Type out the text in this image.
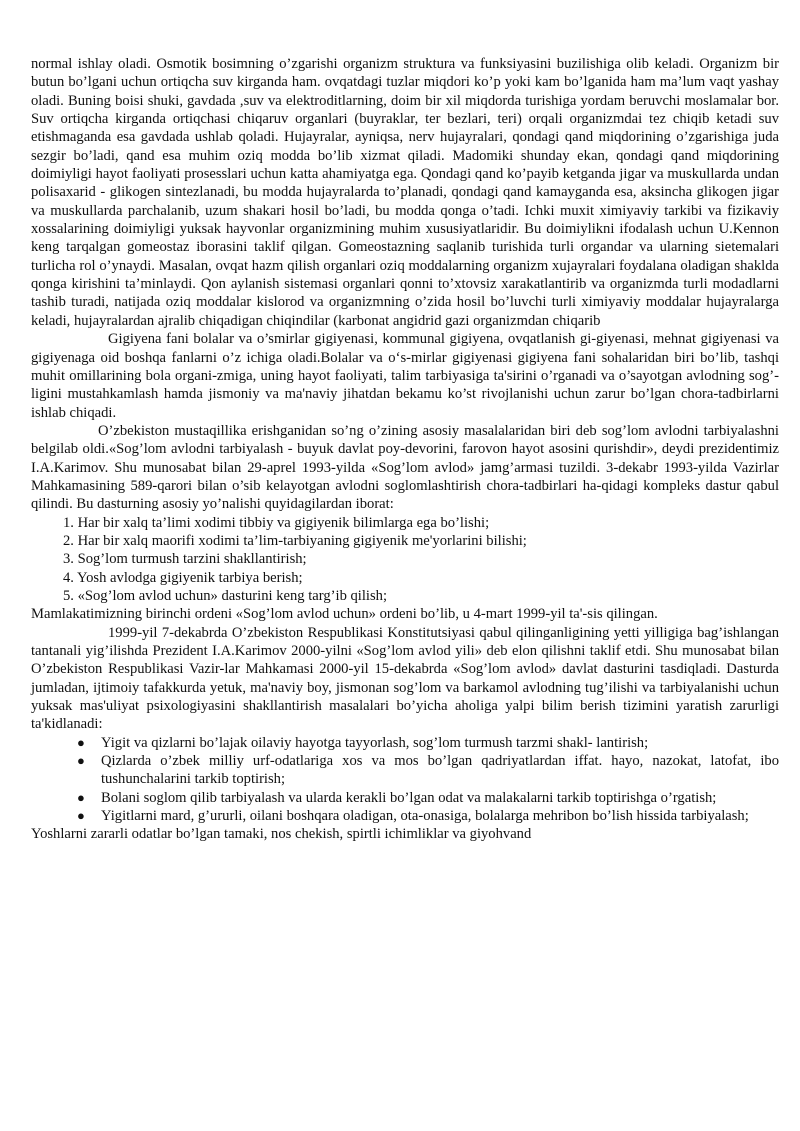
normal ishlay oladi. Osmotik bosimning o’zgarishi organizm struktura va funksiyasini buzilishiga olib keladi. Organizm bir butun bo’lgani uchun ortiqcha suv kirganda ham. ovqatdagi tuzlar miqdori ko’p yoki kam bo’lganida ham ma’lum vaqt yashay oladi. Buning boisi shuki, gavdada ,suv va elektroditlarning, doim bir xil miqdorda turishiga yordam beruvchi moslamalar bor. Suv ortiqcha kirganda ortiqchasi chiqaruv organlari (buyraklar, ter bezlari, teri) orqali organizmdai tez chiqib ketadi suv etishmaganda esa gavdada ushlab qoladi. Hujayralar, ayniqsa, nerv hujayralari, qondagi qand miqdorining o’zgarishiga juda sezgir bo’ladi, qand esa muhim oziq modda bo’lib xizmat qiladi. Madomiki shunday ekan, qondagi qand miqdorining doimiyligi hayot faoliyati prosesslari uchun katta ahamiyatga ega. Qondagi qand ko’payib ketganda jigar va muskullarda undan polisaxarid - glikogen sintezlanadi, bu modda hujayralarda to’planadi, qondagi qand kamayganda esa, aksincha glikogen jigar va muskullarda parchalanib, uzum shakari hosil bo’ladi, bu modda qonga o’tadi. Ichki muxit ximiyaviy tarkibi va fizikaviy xossalarining doimiyligi yuksak hayvonlar organizmining muhim xususiyatlaridir. Bu doimiylikni ifodalash uchun U.Kennon keng tarqalgan gomeostaz iborasini taklif qilgan. Gomeostazning saqlanib turishida turli organdar va ularning sietemalari turlicha rol o’ynaydi. Masalan, ovqat hazm qilish organlari oziq moddalarning organizm xujayralari foydalana oladigan shaklda qonga kirishini ta’minlaydi. Qon aylanish sistemasi organlari qonni to’xtovsiz xarakatlantirib va organizmda turli modadlarni tashib turadi, natijada oziq moddalar kislorod va organizmning o’zida hosil bo’luvchi turli ximiyaviy moddalar hujayralarga keladi, hujayralardan ajralib chiqadigan chiqindilar (karbonat angidrid gazi organizmdan chiqarib

Gigiyena fani bolalar va o’smirlar gigiyenasi, kommunal gigiyena, ovqatlanish gi-giyenasi, mehnat gigiyenasi va gigiyenaga oid boshqa fanlarni o’z ichiga oladi.Bolalar va o‘s-mirlar gigiyenasi gigiyena fani sohalaridan biri bo’lib, tashqi muhit omillarining bola organi-zmiga, uning hayot faoliyati, talim tarbiyasiga ta'sirini o’rganadi va o’sayotgan avlodning sog’-ligini mustahkamlash hamda jismoniy va ma'naviy jihatdan bekamu ko’st rivojlanishi uchun zarur bo’lgan chora-tadbirlarni ishlab chiqadi.

O’zbekiston mustaqillika erishganidan so’ng o’zining asosiy masalalaridan biri deb sog’lom avlodni tarbiyalashni belgilab oldi.«Sog’lom avlodni tarbiyalash - buyuk davlat poy-devorini, farovon hayot asosini qurishdir», deydi prezidentimiz I.A.Karimov. Shu munosabat bilan 29-aprel 1993-yilda «Sog’lom avlod» jamg’armasi tuzildi. 3-dekabr 1993-yilda Vazirlar Mahkamasining 589-qarori bilan o’sib kelayotgan avlodni soglomlashtirish chora-tadbirlari ha-qidagi kompleks dastur qabul qilindi. Bu dasturning asosiy yo’nalishi quyidagilardan iborat:

1. Har bir xalq ta’limi xodimi tibbiy va gigiyenik bilimlarga ega bo’lishi;
2. Har bir xalq maorifi xodimi ta’lim-tarbiyaning gigiyenik me'yorlarini bilishi;
3. Sog’lom turmush tarzini shakllantirish;
4. Yosh avlodga gigiyenik tarbiya berish;
5. «Sog’lom avlod uchun» dasturini keng targ’ib qilish;

Mamlakatimizning birinchi ordeni «Sog’lom avlod uchun» ordeni bo’lib, u 4-mart 1999-yil ta'-sis qilingan.

1999-yil 7-dekabrda O’zbekiston Respublikasi Konstitutsiyasi qabul qilinganligining yetti yilligiga bag’ishlangan tantanali yig’ilishda Prezident I.A.Karimov 2000-yilni «Sog’lom avlod yili» deb elon qilishni taklif etdi. Shu munosabat bilan O’zbekiston Respublikasi Vazir-lar Mahkamasi 2000-yil 15-dekabrda «Sog’lom avlod» davlat dasturini tasdiqladi. Dasturda jumladan, ijtimoiy tafakkurda yetuk, ma'naviy boy, jismonan sog’lom va barkamol avlodning tug’ilishi va tarbiyalanishi uchun yuksak mas'uliyat psixologiyasini shakllantirish masalalari bo’yicha aholiga yalpi bilim berish tizimini yaratish zarurligi ta'kidlanadi:

● Yigit va qizlarni bo’lajak oilaviy hayotga tayyorlash, sog’lom turmush tarzmi shakl- lantirish;
● Qizlarda o’zbek milliy urf-odatlariga xos va mos bo’lgan qadriyatlardan iffat. hayo, nazokat, latofat, ibo tushunchalarini tarkib toptirish;
● Bolani soglom qilib tarbiyalash va ularda kerakli bo’lgan odat va malakalarni tarkib toptirishga o’rgatish;
● Yigitlarni mard, g’ururli, oilani boshqara oladigan, ota-onasiga, bolalarga mehribon bo’lish hissida tarbiyalash;

Yoshlarni zararli odatlar bo’lgan tamaki, nos chekish, spirtli ichimliklar va giyohvand
